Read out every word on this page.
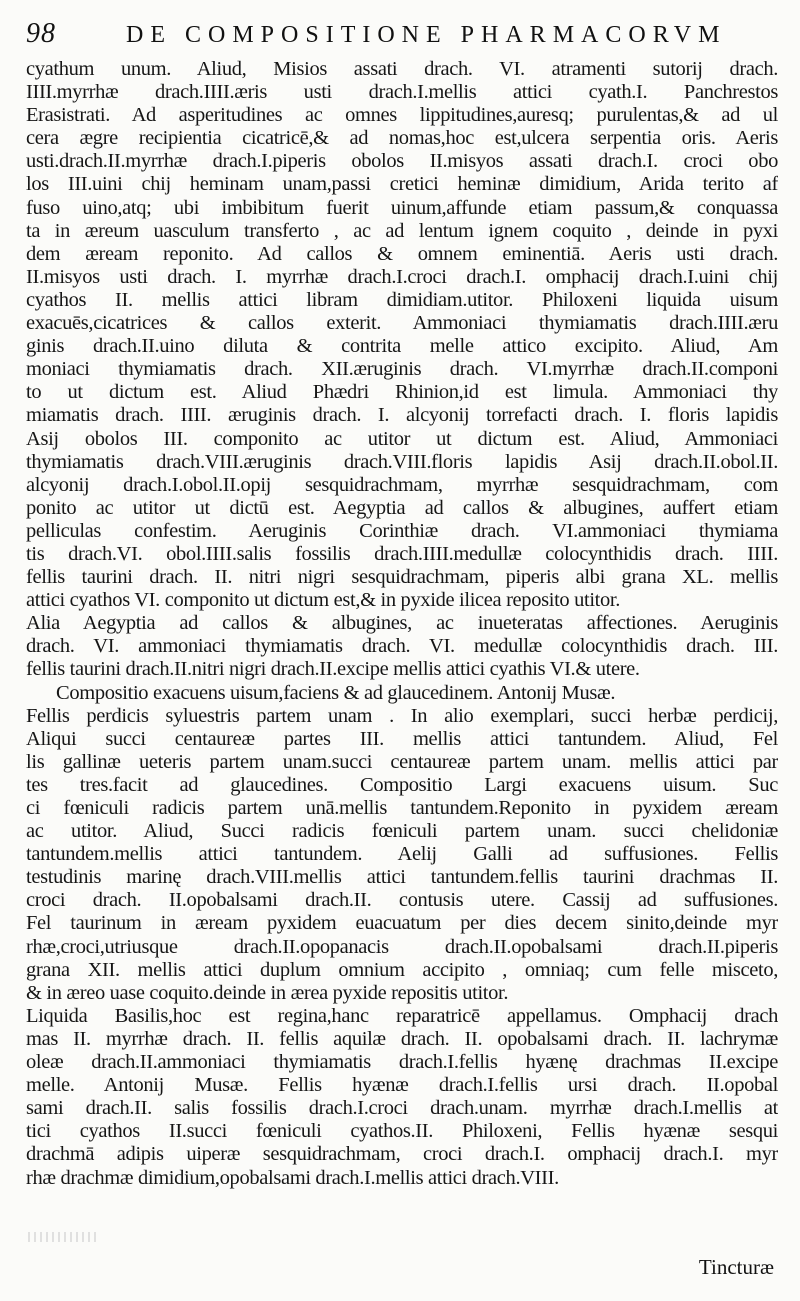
98	DE COMPOSITIONE PHARMACORVM
cyathum unum. Aliud, Misios assati drach. VI. atramenti sutorij drach.
IIII.myrrhæ drach.IIII.æris usti drach.I.mellis attici cyath.I. Panchrestos
Erasistrati. Ad asperitudines ac omnes lippitudines,auresq; purulentas,& ad ul
cera ægre recipientia cicatricē,& ad nomas,hoc est,ulcera serpentia oris. Aeris
usti.drach.II.myrrhæ drach.I.piperis obolos II.misyos assati drach.I. croci obo
los III.uini chij heminam unam,passi cretici heminæ dimidium, Arida terito af
fuso uino,atq; ubi imbibitum fuerit uinum,affunde etiam passum,& conquassa
ta in æreum uasculum transferto , ac ad lentum ignem coquito , deinde in pyxi
dem æream reponito. Ad callos & omnem eminentiā. Aeris usti drach.
II.misyos usti drach. I. myrrhæ drach.I.croci drach.I. omphacij drach.I.uini chij
cyathos II. mellis attici libram dimidiam.utitor. Philoxeni liquida uisum
exacuēs,cicatrices & callos exterit. Ammoniaci thymiamatis drach.IIII.æru
ginis drach.II.uino diluta & contrita melle attico excipito. Aliud, Am
moniaci thymiamatis drach. XII.æruginis drach. VI.myrrhæ drach.II.componi
to ut dictum est. Aliud Phædri Rhinion,id est limula. Ammoniaci thy
miamatis drach. IIII. æruginis drach. I. alcyonij torrefacti drach. I. floris lapidis
Asij obolos III. componito ac utitor ut dictum est. Aliud, Ammoniaci
thymiamatis drach.VIII.æruginis drach.VIII.floris lapidis Asij drach.II.obol.II.
alcyonij drach.I.obol.II.opij sesquidrachmam, myrrhæ sesquidrachmam, com
ponito ac utitor ut dictū est. Aegyptia ad callos & albugines, auffert etiam
pelliculas confestim. Aeruginis Corinthiæ drach. VI.ammoniaci thymiama
tis drach.VI. obol.IIII.salis fossilis drach.IIII.medullæ colocynthidis drach. IIII.
fellis taurini drach. II. nitri nigri sesquidrachmam, piperis albi grana XL. mellis
attici cyathos VI. componito ut dictum est,& in pyxide ilicea reposito utitor.
Alia Aegyptia ad callos & albugines, ac inueteratas affectiones. Aeruginis
drach. VI. ammoniaci thymiamatis drach. VI. medullæ colocynthidis drach. III.
fellis taurini drach.II.nitri nigri drach.II.excipe mellis attici cyathis VI.& utere.
Compositio exacuens uisum,faciens & ad glaucedinem. Antonij Musæ.
Fellis perdicis syluestris partem unam . In alio exemplari, succi herbæ perdicij,
Aliqui succi centaureæ partes III. mellis attici tantundem. Aliud, Fel
lis gallinæ ueteris partem unam.succi centaureæ partem unam. mellis attici par
tes tres.facit ad glaucedines. Compositio Largi exacuens uisum. Suc
ci fœniculi radicis partem unā.mellis tantundem.Reponito in pyxidem æream
ac utitor. Aliud, Succi radicis fœniculi partem unam. succi chelidoniæ
tantundem.mellis attici tantundem. Aelij Galli ad suffusiones. Fellis
testudinis marinę drach.VIII.mellis attici tantundem.fellis taurini drachmas II.
croci drach. II.opobalsami drach.II. contusis utere. Cassij ad suffusiones.
Fel taurinum in æream pyxidem euacuatum per dies decem sinito,deinde myr
rhæ,croci,utriusque drach.II.opopanacis drach.II.opobalsami drach.II.piperis
grana XII. mellis attici duplum omnium accipito , omniaq; cum felle misceto,
& in æreo uase coquito.deinde in ærea pyxide repositis utitor.
Liquida Basilis,hoc est regina,hanc reparatricē appellamus. Omphacij drach
mas II. myrrhæ drach. II. fellis aquilæ drach. II. opobalsami drach. II. lachrymæ
oleæ drach.II.ammoniaci thymiamatis drach.I.fellis hyænę drachmas II.excipe
melle. Antonij Musæ. Fellis hyænæ drach.I.fellis ursi drach. II.opobal
sami drach.II. salis fossilis drach.I.croci drach.unam. myrrhæ drach.I.mellis at
tici cyathos II.succi fœniculi cyathos.II. Philoxeni, Fellis hyænæ sesqui
drachmā adipis uiperæ sesquidrachmam, croci drach.I. omphacij drach.I. myr
rhæ drachmæ dimidium,opobalsami drach.I.mellis attici drach.VIII.
Tincturæ
